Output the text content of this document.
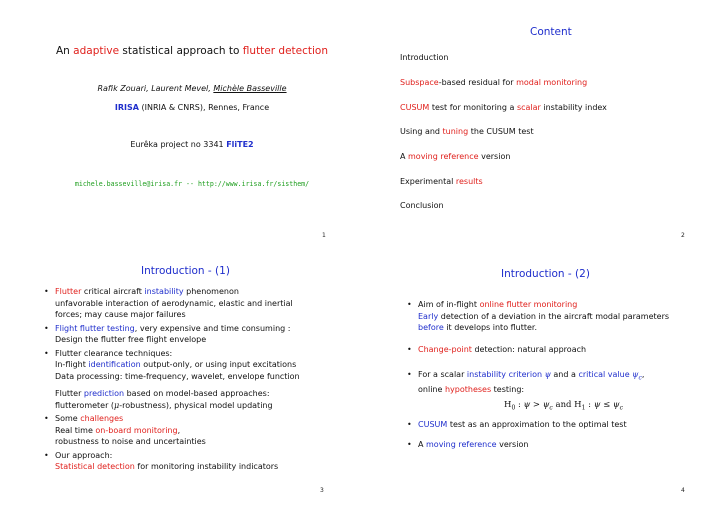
An adaptive statistical approach to flutter detection
Rafik Zouari, Laurent Mevel, Michèle Basseville
IRISA (INRIA & CNRS), Rennes, France
Eurêka project no 3341 FliTE2
michele.basseville@irisa.fr -- http://www.irisa.fr/sisthem/
1
Content
Introduction
Subspace-based residual for modal monitoring
CUSUM test for monitoring a scalar instability index
Using and tuning the CUSUM test
A moving reference version
Experimental results
Conclusion
2
Introduction - (1)
• Flutter critical aircraft instability phenomenon
unfavorable interaction of aerodynamic, elastic and inertial
forces; may cause major failures
• Flight flutter testing, very expensive and time consuming :
Design the flutter free flight envelope
• Flutter clearance techniques:
In-flight identification output-only, or using input excitations
Data processing: time-frequency, wavelet, envelope function
Flutter prediction based on model-based approaches:
flutterometer (μ-robustness), physical model updating
• Some challenges
Real time on-board monitoring,
robustness to noise and uncertainties
• Our approach:
Statistical detection for monitoring instability indicators
3
Introduction - (2)
• Aim of in-flight online flutter monitoring
Early detection of a deviation in the aircraft modal parameters
before it develops into flutter.
• Change-point detection: natural approach
• For a scalar instability criterion ψ and a critical value $\psi_c$,
online hypotheses testing:
$H_0$ : $\psi > \psi_c$ and $H_1$ : $\psi \le \psi_c$
• CUSUM test as an approximation to the optimal test
• A moving reference version
4
